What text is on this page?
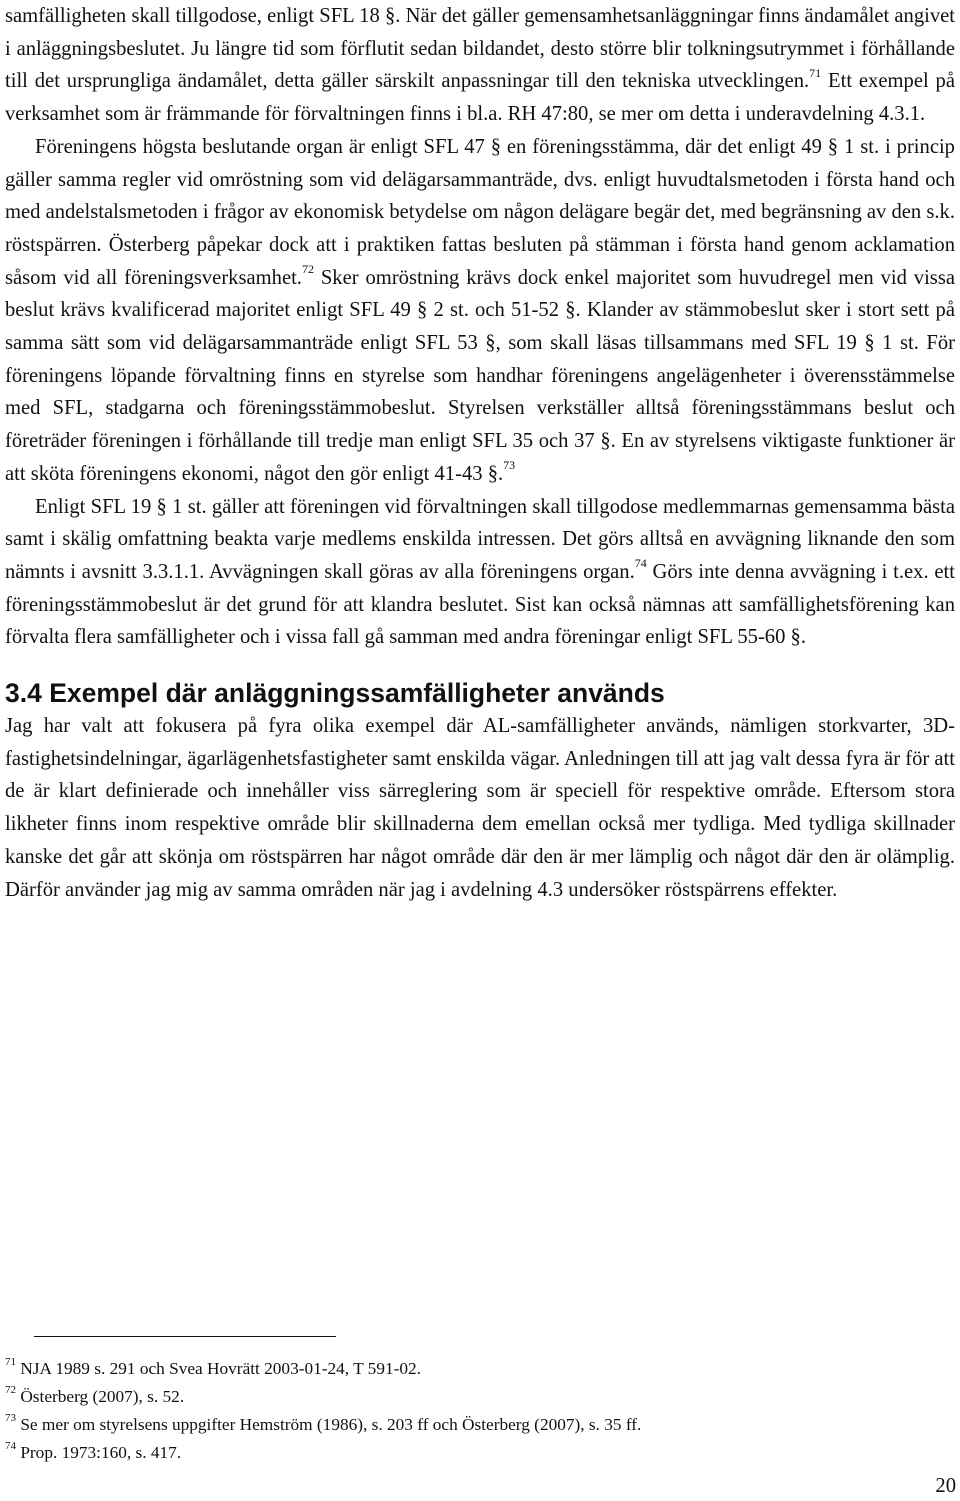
samfälligheten skall tillgodose, enligt SFL 18 §. När det gäller gemensamhetsanläggningar finns ändamålet angivet i anläggningsbeslutet. Ju längre tid som förflutit sedan bildandet, desto större blir tolkningsutrymmet i förhållande till det ursprungliga ändamålet, detta gäller särskilt anpassningar till den tekniska utvecklingen.$^{71}$ Ett exempel på verksamhet som är främmande för förvaltningen finns i bl.a. RH 47:80, se mer om detta i underavdelning 4.3.1.

Föreningens högsta beslutande organ är enligt SFL 47 § en föreningsstämma, där det enligt 49 § 1 st. i princip gäller samma regler vid omröstning som vid delägarsammanträde, dvs. enligt huvudtalsmetoden i första hand och med andelstalsmetoden i frågor av ekonomisk betydelse om någon delägare begär det, med begränsning av den s.k. röstspärren. Österberg påpekar dock att i praktiken fattas besluten på stämman i första hand genom acklamation såsom vid all föreningsverksamhet.$^{72}$ Sker omröstning krävs dock enkel majoritet som huvudregel men vid vissa beslut krävs kvalificerad majoritet enligt SFL 49 § 2 st. och 51-52 §. Klander av stämmobeslut sker i stort sett på samma sätt som vid delägarsammanträde enligt SFL 53 §, som skall läsas tillsammans med SFL 19 § 1 st. För föreningens löpande förvaltning finns en styrelse som handhar föreningens angelägenheter i överensstämmelse med SFL, stadgarna och föreningsstämmobeslut. Styrelsen verkställer alltså föreningsstämmans beslut och företräder föreningen i förhållande till tredje man enligt SFL 35 och 37 §. En av styrelsens viktigaste funktioner är att sköta föreningens ekonomi, något den gör enligt 41-43 §.$^{73}$

Enligt SFL 19 § 1 st. gäller att föreningen vid förvaltningen skall tillgodose medlemmarnas gemensamma bästa samt i skälig omfattning beakta varje medlems enskilda intressen. Det görs alltså en avvägning liknande den som nämnts i avsnitt 3.3.1.1. Avvägningen skall göras av alla föreningens organ.$^{74}$ Görs inte denna avvägning i t.ex. ett föreningsstämmobeslut är det grund för att klandra beslutet. Sist kan också nämnas att samfällighetsförening kan förvalta flera samfälligheter och i vissa fall gå samman med andra föreningar enligt SFL 55-60 §.

3.4 Exempel där anläggningssamfälligheter används

Jag har valt att fokusera på fyra olika exempel där AL-samfälligheter används, nämligen storkvarter, 3D-fastighetsindelningar, ägarlägenhetsfastigheter samt enskilda vägar. Anledningen till att jag valt dessa fyra är för att de är klart definierade och innehåller viss särreglering som är speciell för respektive område. Eftersom stora likheter finns inom respektive område blir skillnaderna dem emellan också mer tydliga. Med tydliga skillnader kanske det går att skönja om röstspärren har något område där den är mer lämplig och något där den är olämplig. Därför använder jag mig av samma områden när jag i avdelning 4.3 undersöker röstspärrens effekter.

$^{71}$ NJA 1989 s. 291 och Svea Hovrätt 2003-01-24, T 591-02.

$^{72}$ Österberg (2007), s. 52.

$^{73}$ Se mer om styrelsens uppgifter Hemström (1986), s. 203 ff och Österberg (2007), s. 35 ff.

$^{74}$ Prop. 1973:160, s. 417.

20
